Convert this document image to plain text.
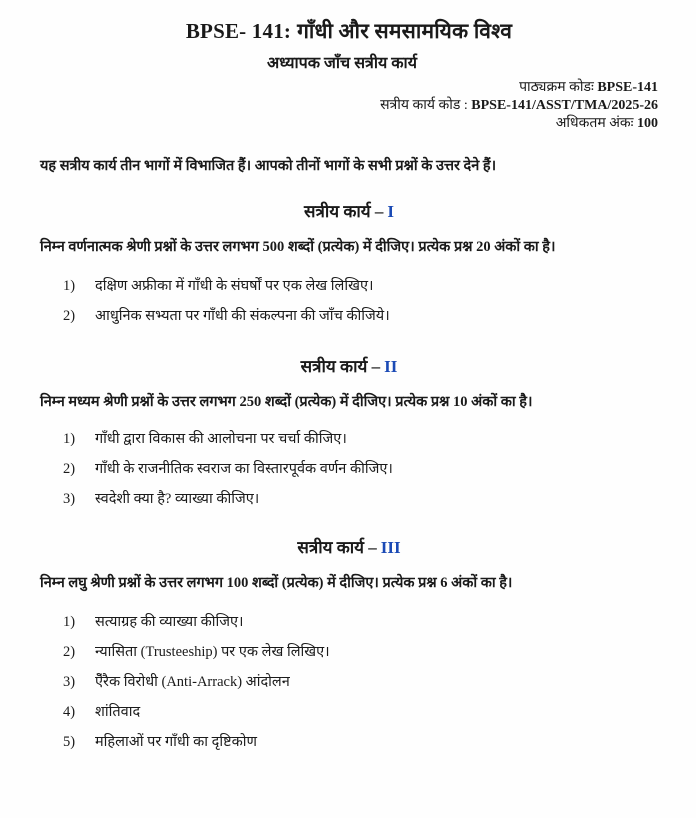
BPSE- 141: गाँधी और समसामयिक विश्व
अध्यापक जाँच सत्रीय कार्य
पाठ्यक्रम कोडः BPSE-141
सत्रीय कार्य कोड : BPSE-141/ASST/TMA/2025-26
अधिकतम अंकः 100

यह सत्रीय कार्य तीन भागों में विभाजित हैं। आपको तीनों भागों के सभी प्रश्नों के उत्तर देने हैं।

सत्रीय कार्य – I

निम्न वर्णनात्मक श्रेणी प्रश्नों के उत्तर लगभग 500 शब्दों (प्रत्येक) में दीजिए। प्रत्येक प्रश्न 20 अंकों का है।

1)	दक्षिण अफ्रीका में गाँधी के संघर्षों पर एक लेख लिखिए।
2)	आधुनिक सभ्यता पर गाँधी की संकल्पना की जाँच कीजिये।
सत्रीय कार्य – II

निम्न मध्यम श्रेणी प्रश्नों के उत्तर लगभग 250 शब्दों (प्रत्येक) में दीजिए। प्रत्येक प्रश्न 10 अंकों का है।

1)	गाँधी द्वारा विकास की आलोचना पर चर्चा कीजिए।
2)	गाँधी के राजनीतिक स्वराज का विस्तारपूर्वक वर्णन कीजिए।
3)	स्वदेशी क्या है? व्याख्या कीजिए।
सत्रीय कार्य – III

निम्न लघु श्रेणी प्रश्नों के उत्तर लगभग 100 शब्दों (प्रत्येक) में दीजिए। प्रत्येक प्रश्न 6 अंकों का है।

1)	सत्याग्रह की व्याख्या कीजिए।
2)	न्यासिता (Trusteeship) पर एक लेख लिखिए।
3)	ऐॅरैक विरोधी (Anti-Arrack) आंदोलन
4)	शांतिवाद
5)	महिलाओं पर गाँधी का दृष्टिकोण
